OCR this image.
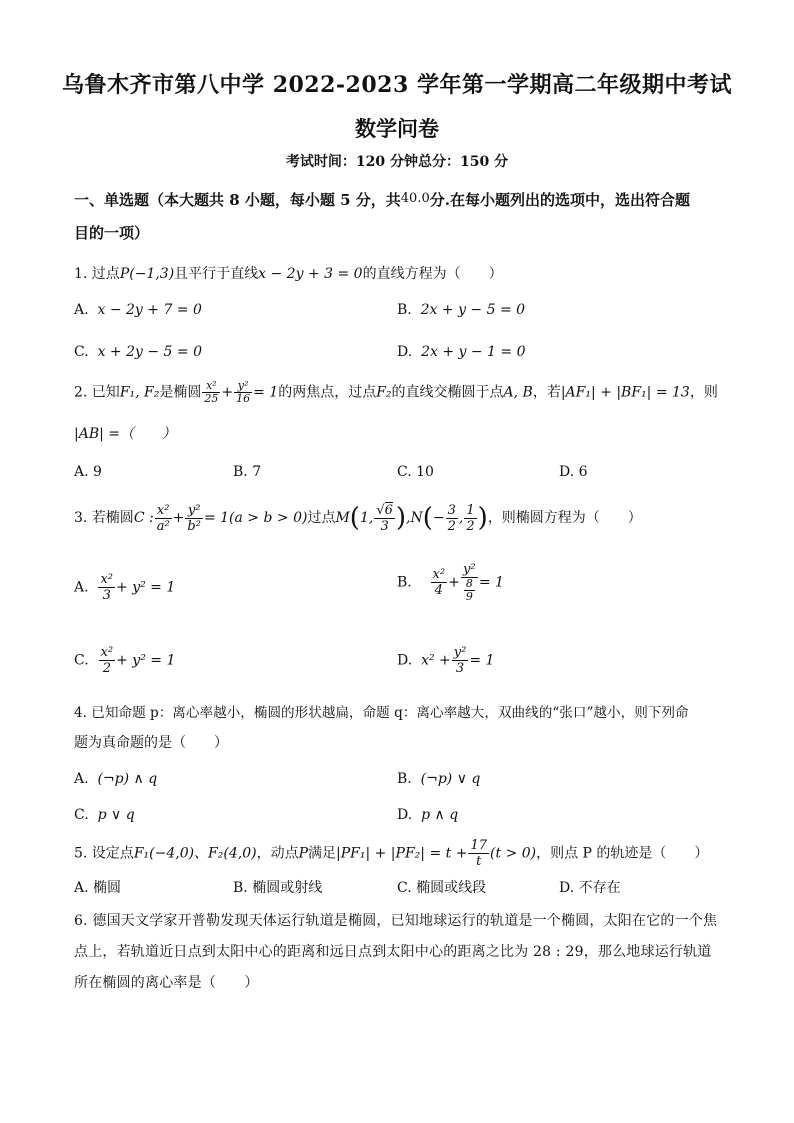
乌鲁木齐市第八中学 2022-2023 学年第一学期高二年级期中考试
数学问卷
考试时间：120 分钟总分：150 分
一、单选题（本大题共 8 小题，每小题 5 分，共40.0分.在每小题列出的选项中，选出符合题
目的一项）
1. 过点P(−1,3)且平行于直线x − 2y + 3 = 0的直线方程为（　　）
A.  x − 2y + 7 = 0	B.  2x + y − 5 = 0
C.  x + 2y − 5 = 0	D.  2x + y − 1 = 0
2. 已知F₁, F₂是椭圆 $\frac{\text{x²}}{25} + \frac{\text{y²}}{16} = 1$的两焦点，过点F₂的直线交椭圆于点A, B，若|AF₁| + |BF₁| = 13，则
|AB| =（　　）
A. 9	B. 7	C. 10	D. 6
3. 若椭圆C : $\frac{\text{x²}}{\text{a²}} + \frac{\text{y²}}{\text{b²}} = 1(a > b > 0)$过点M(1, $\frac{√6}{3} ),N(- \frac{3}{2}$ , $\frac{1}{2}$ )，则椭圆方程为（　　）
A. $\frac{\text{x²}}{3} + y^2 = 1$	B. $\frac{\text{x²}}{4} + \frac{\text{y²}}{\frac{8}{9}} = 1$
C. $\frac{\text{x²}}{2} + y^2 = 1$	D.  $x^2 + \frac{\text{y²}}{3} = 1$
4. 已知命题 p：离心率越小，椭圆的形状越扁，命题 q：离心率越大，双曲线的“张口”越小，则下列命
题为真命题的是（　　）
A.  (¬p) ∧ q	B.  (¬p) ∨ q
C.  p ∨ q	D.  p ∧ q
5. 设定点F₁(−4,0)、F₂(4,0)，动点P满足$|PF_1| + |PF_2| = t + \frac{17}{t} (t > 0)$，则点 P 的轨迹是（　　）
A. 椭圆	B. 椭圆或射线	C. 椭圆或线段	D. 不存在
6. 德国天文学家开普勒发现天体运行轨道是椭圆，已知地球运行的轨道是一个椭圆，太阳在它的一个焦点上，若轨道近日点到太阳中心的距离和远日点到太阳中心的距离之比为 28 : 29，那么地球运行轨道所在椭圆的离心率是（　　）
